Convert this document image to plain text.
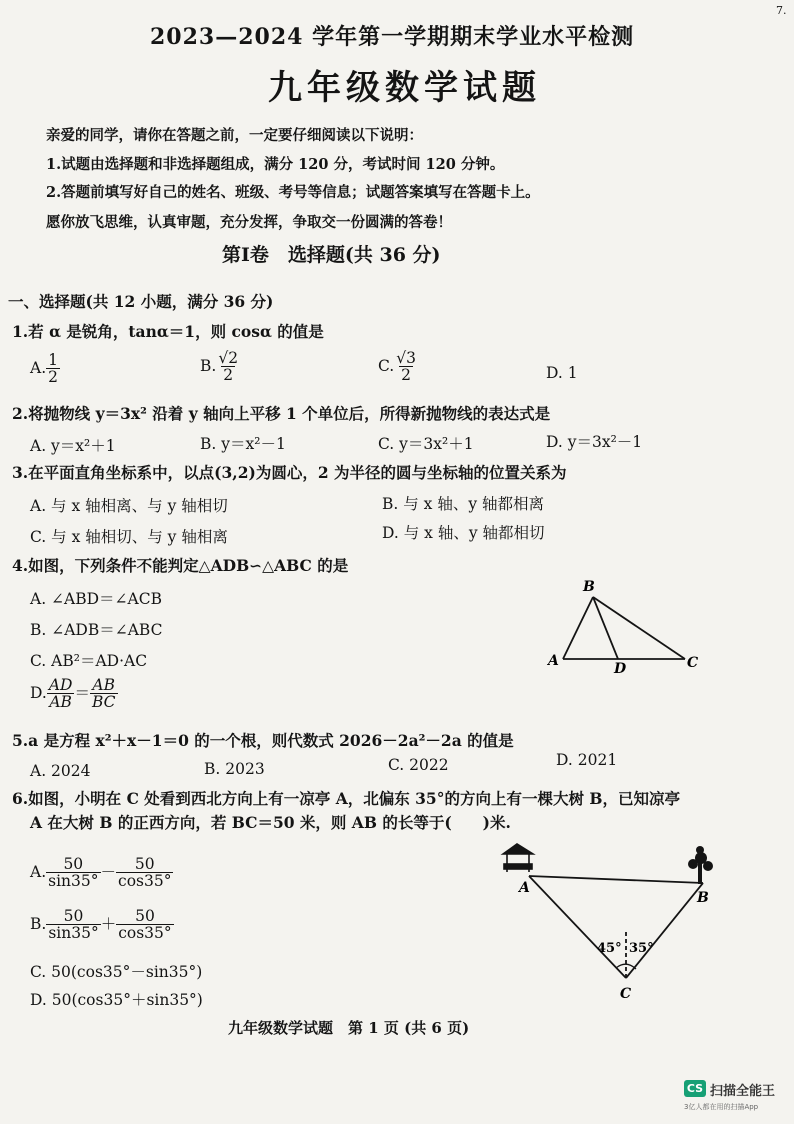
7.
2023—2024 学年第一学期期末学业水平检测
九年级数学试题
亲爱的同学，请你在答题之前，一定要仔细阅读以下说明：
1.试题由选择题和非选择题组成，满分 120 分，考试时间 120 分钟。
2.答题前填写好自己的姓名、班级、考号等信息；试题答案填写在答题卡上。
愿你放飞思维，认真审题，充分发挥，争取交一份圆满的答卷！
第Ⅰ卷　选择题(共 36 分)
一、选择题(共 12 小题，满分 36 分)
1.若 α 是锐角，tanα＝1，则 cosα 的值是
A. $\frac{1}{2}$	B. $\frac{√2}{2}$	C. $\frac{√3}{2}$	D. 1
2.将抛物线 y＝3x² 沿着 y 轴向上平移 1 个单位后，所得新抛物线的表达式是
A. y＝x²＋1	B. y＝x²－1	C. y＝3x²＋1	D. y＝3x²－1
3.在平面直角坐标系中，以点(3,2)为圆心，2 为半径的圆与坐标轴的位置关系为
A. 与 x 轴相离、与 y 轴相切	B. 与 x 轴、y 轴都相离
C. 与 x 轴相切、与 y 轴相离	D. 与 x 轴、y 轴都相切
4.如图，下列条件不能判定△ADB∽△ABC 的是
A. ∠ABD＝∠ACB
B. ∠ADB＝∠ABC
C. AB²＝AD·AC
D. $\frac{AD}{AB} = \frac{AB}{BC}$
B
A	D	C
5.a 是方程 x²＋x－1＝0 的一个根，则代数式 2026－2a²－2a 的值是
A. 2024	B. 2023	C. 2022	D. 2021
6.如图，小明在 C 处看到西北方向上有一凉亭 A，北偏东 35°的方向上有一棵大树 B，已知凉亭
A 在大树 B 的正西方向，若 BC＝50 米，则 AB 的长等于(　　)米.
A. $\frac{50}{\sin 35^\circ} - \frac{50}{\cos 35^\circ}$
B. $\frac{50}{\sin 35^\circ} + \frac{50}{\cos 35^\circ}$
C. 50(cos35°－sin35°)
D. 50(cos35°＋sin35°)
A
B
C
45° 35°
九年级数学试题　第 1 页 (共 6 页)
CS 扫描全能王
3亿人都在用的扫描App
